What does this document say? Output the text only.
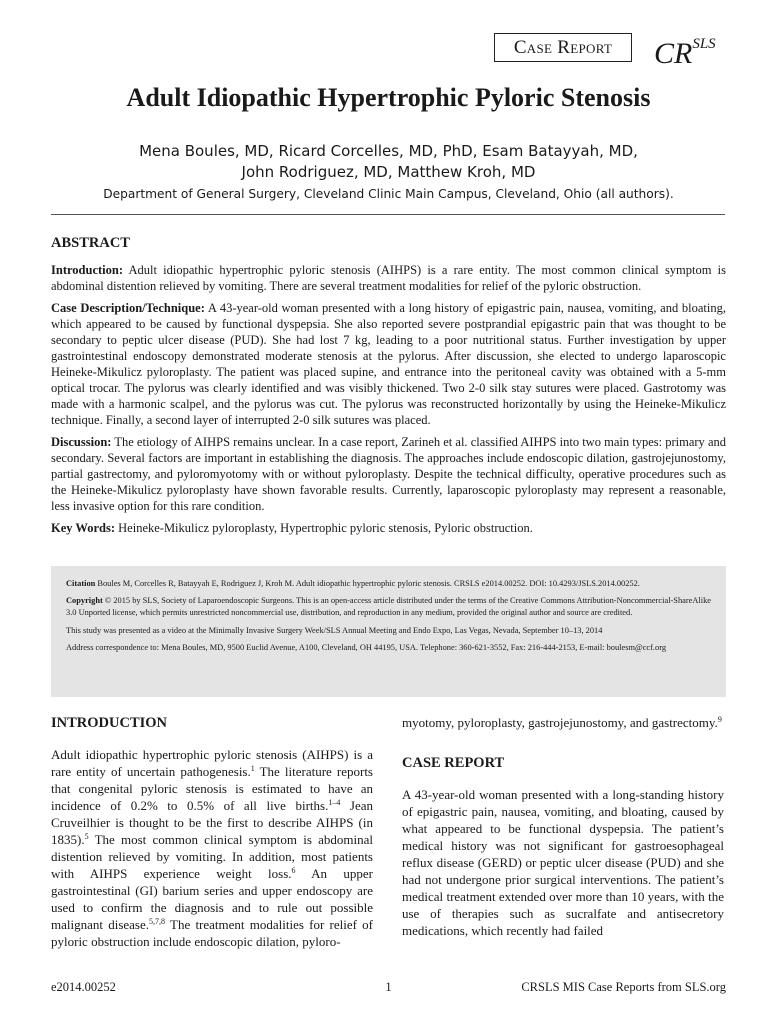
Case Report	$CR^{SLS}$
Adult Idiopathic Hypertrophic Pyloric Stenosis
Mena Boules, MD, Ricard Corcelles, MD, PhD, Esam Batayyah, MD,
John Rodriguez, MD, Matthew Kroh, MD
Department of General Surgery, Cleveland Clinic Main Campus, Cleveland, Ohio (all authors).
ABSTRACT

Introduction: Adult idiopathic hypertrophic pyloric stenosis (AIHPS) is a rare entity. The most common clinical symptom is abdominal distention relieved by vomiting. There are several treatment modalities for relief of the pyloric obstruction.

Case Description/Technique: A 43-year-old woman presented with a long history of epigastric pain, nausea, vomiting, and bloating, which appeared to be caused by functional dyspepsia. She also reported severe postprandial epigastric pain that was thought to be secondary to peptic ulcer disease (PUD). She had lost 7 kg, leading to a poor nutritional status. Further investigation by upper gastrointestinal endoscopy demonstrated moderate stenosis at the pylorus. After discussion, she elected to undergo laparoscopic Heineke-Mikulicz pyloroplasty. The patient was placed supine, and entrance into the peritoneal cavity was obtained with a 5-mm optical trocar. The pylorus was clearly identified and was visibly thickened. Two 2-0 silk stay sutures were placed. Gastrotomy was made with a harmonic scalpel, and the pylorus was cut. The pylorus was reconstructed horizontally by using the Heineke-Mikulicz technique. Finally, a second layer of interrupted 2-0 silk sutures was placed.

Discussion: The etiology of AIHPS remains unclear. In a case report, Zarineh et al. classified AIHPS into two main types: primary and secondary. Several factors are important in establishing the diagnosis. The approaches include endoscopic dilation, gastrojejunostomy, partial gastrectomy, and pyloromyotomy with or without pyloroplasty. Despite the technical difficulty, operative procedures such as the Heineke-Mikulicz pyloroplasty have shown favorable results. Currently, laparoscopic pyloroplasty may represent a reasonable, less invasive option for this rare condition.

Key Words: Heineke-Mikulicz pyloroplasty, Hypertrophic pyloric stenosis, Pyloric obstruction.

Citation Boules M, Corcelles R, Batayyah E, Rodriguez J, Kroh M. Adult idiopathic hypertrophic pyloric stenosis. CRSLS e2014.00252. DOI: 10.4293/JSLS.2014.00252.

Copyright © 2015 by SLS, Society of Laparoendoscopic Surgeons. This is an open-access article distributed under the terms of the Creative Commons Attribution-Noncommercial-ShareAlike 3.0 Unported license, which permits unrestricted noncommercial use, distribution, and reproduction in any medium, provided the original author and source are credited.

This study was presented as a video at the Minimally Invasive Surgery Week/SLS Annual Meeting and Endo Expo, Las Vegas, Nevada, September 10–13, 2014

Address correspondence to: Mena Boules, MD, 9500 Euclid Avenue, A100, Cleveland, OH 44195, USA. Telephone: 360-621-3552, Fax: 216-444-2153, E-mail: boulesm@ccf.org

INTRODUCTION

Adult idiopathic hypertrophic pyloric stenosis (AIHPS) is a rare entity of uncertain pathogenesis.$^1$ The literature reports that congenital pyloric stenosis is estimated to have an incidence of 0.2% to 0.5% of all live births.$^{1-4}$ Jean Cruveilhier is thought to be the first to describe AIHPS (in 1835).$^5$ The most common clinical symptom is abdominal distention relieved by vomiting. In addition, most patients with AIHPS experience weight loss.$^6$ An upper gastrointestinal (GI) barium series and upper endoscopy are used to confirm the diagnosis and to rule out possible malignant disease.$^{5,7,8}$ The treatment modalities for relief of pyloric obstruction include endoscopic dilation, pyloro-

myotomy, pyloroplasty, gastrojejunostomy, and gastrectomy.$^9$

CASE REPORT

A 43-year-old woman presented with a long-standing history of epigastric pain, nausea, vomiting, and bloating, caused by what appeared to be functional dyspepsia. The patient’s medical history was not significant for gastroesophageal reflux disease (GERD) or peptic ulcer disease (PUD) and she had not undergone prior surgical interventions. The patient’s medical treatment extended over more than 10 years, with the use of therapies such as sucralfate and antisecretory medications, which recently had failed

e2014.00252	1	CRSLS MIS Case Reports from SLS.org
